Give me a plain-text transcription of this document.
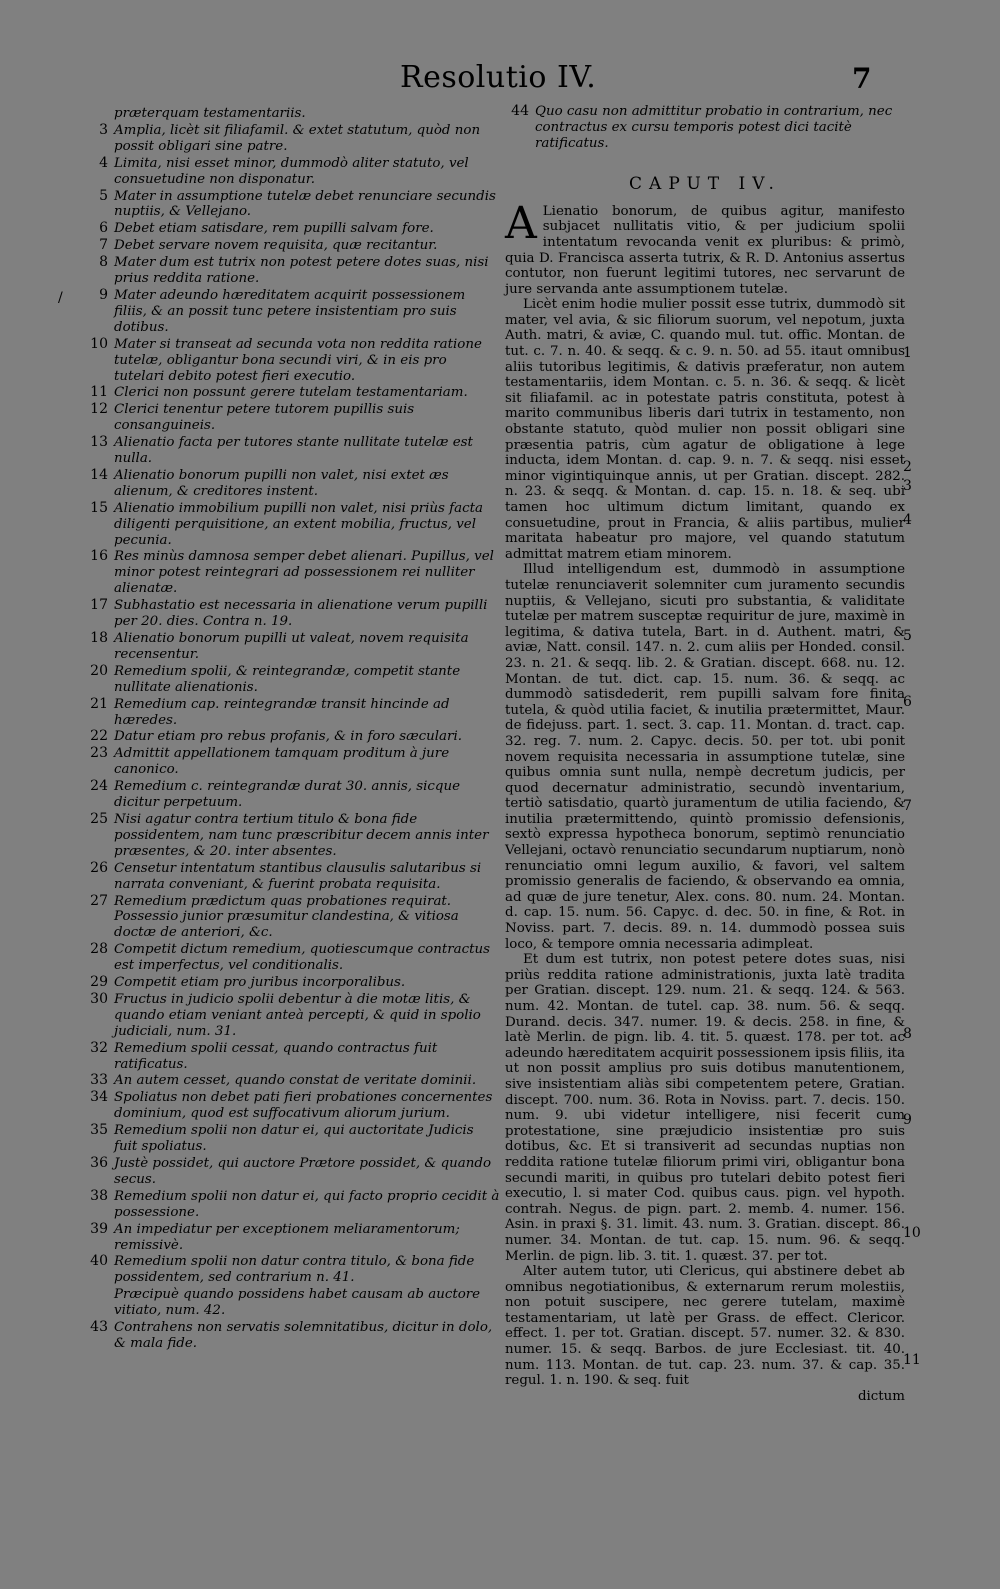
Resolutio IV.	7
/
præterquam testamentariis.
3 Amplia, licèt sit filiafamil. & extet statutum, quòd non possit obligari sine patre.
4 Limita, nisi esset minor, dummodò aliter statuto, vel consuetudine non disponatur.
5 Mater in assumptione tutelæ debet renunciare secundis nuptiis, & Vellejano.
6 Debet etiam satisdare, rem pupilli salvam fore.
7 Debet servare novem requisita, quæ recitantur.
8 Mater dum est tutrix non potest petere dotes suas, nisi prius reddita ratione.
9 Mater adeundo hæreditatem acquirit possessionem filiis, & an possit tunc petere insistentiam pro suis dotibus.
10 Mater si transeat ad secunda vota non reddita ratione tutelæ, obligantur bona secundi viri, & in eis pro tutelari debito potest fieri executio.
11 Clerici non possunt gerere tutelam testamentariam.
12 Clerici tenentur petere tutorem pupillis suis consanguineis.
13 Alienatio facta per tutores stante nullitate tutelæ est nulla.
14 Alienatio bonorum pupilli non valet, nisi extet æs alienum, & creditores instent.
15 Alienatio immobilium pupilli non valet, nisi priùs facta diligenti perquisitione, an extent mobilia, fructus, vel pecunia.
16 Res minùs damnosa semper debet alienari. Pupillus, vel minor potest reintegrari ad possessionem rei nulliter alienatæ.
17 Subhastatio est necessaria in alienatione verum pupilli per 20. dies. Contra n. 19.
18 Alienatio bonorum pupilli ut valeat, novem requisita recensentur.
20 Remedium spolii, & reintegrandæ, competit stante nullitate alienationis.
21 Remedium cap. reintegrandæ transit hincinde ad hæredes.
22 Datur etiam pro rebus profanis, & in foro sæculari.
23 Admittit appellationem tamquam proditum à jure canonico.
24 Remedium c. reintegrandæ durat 30. annis, sicque dicitur perpetuum.
25 Nisi agatur contra tertium titulo & bona fide possidentem, nam tunc præscribitur decem annis inter præsentes, & 20. inter absentes.
26 Censetur intentatum stantibus clausulis salutaribus si narrata conveniant, & fuerint probata requisita.
27 Remedium prædictum quas probationes requirat. Possessio junior præsumitur clandestina, & vitiosa doctæ de anteriori, &c.
28 Competit dictum remedium, quotiescumque contractus est imperfectus, vel conditionalis.
29 Competit etiam pro juribus incorporalibus.
30 Fructus in judicio spolii debentur à die motæ litis, & quando etiam veniant anteà percepti, & quid in spolio judiciali, num. 31.
32 Remedium spolii cessat, quando contractus fuit ratificatus.
33 An autem cesset, quando constat de veritate dominii.
34 Spoliatus non debet pati fieri probationes concernentes dominium, quod est suffocativum aliorum jurium.
35 Remedium spolii non datur ei, qui auctoritate Judicis fuit spoliatus.
36 Justè possidet, qui auctore Prætore possidet, & quando secus.
38 Remedium spolii non datur ei, qui facto proprio cecidit à possessione.
39 An impediatur per exceptionem meliaramentorum; remissivè.
40 Remedium spolii non datur contra titulo, & bona fide possidentem, sed contrarium n. 41.
Præcipuè quando possidens habet causam ab auctore vitiato, num. 42.
43 Contrahens non servatis solemnitatibus, dicitur in dolo, & mala fide.
44 Quo casu non admittitur probatio in contrarium, nec contractus ex cursu temporis potest dici tacitè ratificatus.
CAPUT IV.

A Lienatio bonorum, de quibus agitur, manifesto subjacet nullitatis vitio, & per judicium spolii intentatum revocanda venit ex pluribus: & primò, quia D. Francisca asserta tutrix, & R. D. Antonius assertus contutor, non fuerunt legitimi tutores, nec servarunt de jure servanda ante assumptionem tutelæ.

Licèt enim hodie mulier possit esse tutrix, dummodò sit mater, vel avia, & sic filiorum suorum, vel nepotum, juxta Auth. matri, & aviæ, C. quando mul. tut. offic. Montan. de tut. c. 7. n. 40. & seqq. & c. 9. n. 50. ad 55. itaut omnibus aliis tutoribus legitimis, & dativis præferatur, non autem testamentariis, idem Montan. c. 5. n. 36. & seqq. & licèt sit filiafamil. ac in potestate patris constituta, potest à marito communibus liberis dari tutrix in testamento, non obstante statuto, quòd mulier non possit obligari sine præsentia patris, cùm agatur de obligatione à lege inducta, idem Montan. d. cap. 9. n. 7. & seqq. nisi esset minor vigintiquinque annis, ut per Gratian. discept. 282. n. 23. & seqq. & Montan. d. cap. 15. n. 18. & seq. ubi tamen hoc ultimum dictum limitant, quando ex consuetudine, prout in Francia, & aliis partibus, mulier maritata habeatur pro majore, vel quando statutum admittat matrem etiam minorem.

Illud intelligendum est, dummodò in assumptione tutelæ renunciaverit solemniter cum juramento secundis nuptiis, & Vellejano, sicuti pro substantia, & validitate tutelæ per matrem susceptæ requiritur de jure, maximè in legitima, & dativa tutela, Bart. in d. Authent. matri, & aviæ, Natt. consil. 147. n. 2. cum aliis per Honded. consil. 23. n. 21. & seqq. lib. 2. & Gratian. discept. 668. nu. 12. Montan. de tut. dict. cap. 15. num. 36. & seqq. ac dummodò satisdederit, rem pupilli salvam fore finita tutela, & quòd utilia faciet, & inutilia prætermittet, Maur. de fidejuss. part. 1. sect. 3. cap. 11. Montan. d. tract. cap. 32. reg. 7. num. 2. Capyc. decis. 50. per tot. ubi ponit novem requisita necessaria in assumptione tutelæ, sine quibus omnia sunt nulla, nempè decretum judicis, per quod decernatur administratio, secundò inventarium, tertiò satisdatio, quartò juramentum de utilia faciendo, & inutilia prætermittendo, quintò promissio defensionis, sextò expressa hypotheca bonorum, septimò renunciatio Vellejani, octavò renunciatio secundarum nuptiarum, nonò renunciatio omni legum auxilio, & favori, vel saltem promissio generalis de faciendo, & observando ea omnia, ad quæ de jure tenetur, Alex. cons. 80. num. 24. Montan. d. cap. 15. num. 56. Capyc. d. dec. 50. in fine, & Rot. in Noviss. part. 7. decis. 89. n. 14. dummodò possea suis loco, & tempore omnia necessaria adimpleat.

Et dum est tutrix, non potest petere dotes suas, nisi priùs reddita ratione administrationis, juxta latè tradita per Gratian. discept. 129. num. 21. & seqq. 124. & 563. num. 42. Montan. de tutel. cap. 38. num. 56. & seqq. Durand. decis. 347. numer. 19. & decis. 258. in fine, & latè Merlin. de pign. lib. 4. tit. 5. quæst. 178. per tot. ac adeundo hæreditatem acquirit possessionem ipsis filiis, ita ut non possit amplius pro suis dotibus manutentionem, sive insistentiam aliàs sibi competentem petere, Gratian. discept. 700. num. 36. Rota in Noviss. part. 7. decis. 150. num. 9. ubi videtur intelligere, nisi fecerit cum protestatione, sine præjudicio insistentiæ pro suis dotibus, &c. Et si transiverit ad secundas nuptias non reddita ratione tutelæ filiorum primi viri, obligantur bona secundi mariti, in quibus pro tutelari debito potest fieri executio, l. si mater Cod. quibus caus. pign. vel hypoth. contrah. Negus. de pign. part. 2. memb. 4. numer. 156. Asin. in praxi §. 31. limit. 43. num. 3. Gratian. discept. 86. numer. 34. Montan. de tut. cap. 15. num. 96. & seqq. Merlin. de pign. lib. 3. tit. 1. quæst. 37. per tot.

Alter autem tutor, uti Clericus, qui abstinere debet ab omnibus negotiationibus, & externarum rerum molestiis, non potuit suscipere, nec gerere tutelam, maximè testamentariam, ut latè per Grass. de effect. Clericor. effect. 1. per tot. Gratian. discept. 57. numer. 32. & 830. numer. 15. & seqq. Barbos. de jure Ecclesiast. tit. 40. num. 113. Montan. de tut. cap. 23. num. 37. & cap. 35. regul. 1. n. 190. & seq. fuit

dictum
1
2
3
4
5
6
7
8
9
10
11
